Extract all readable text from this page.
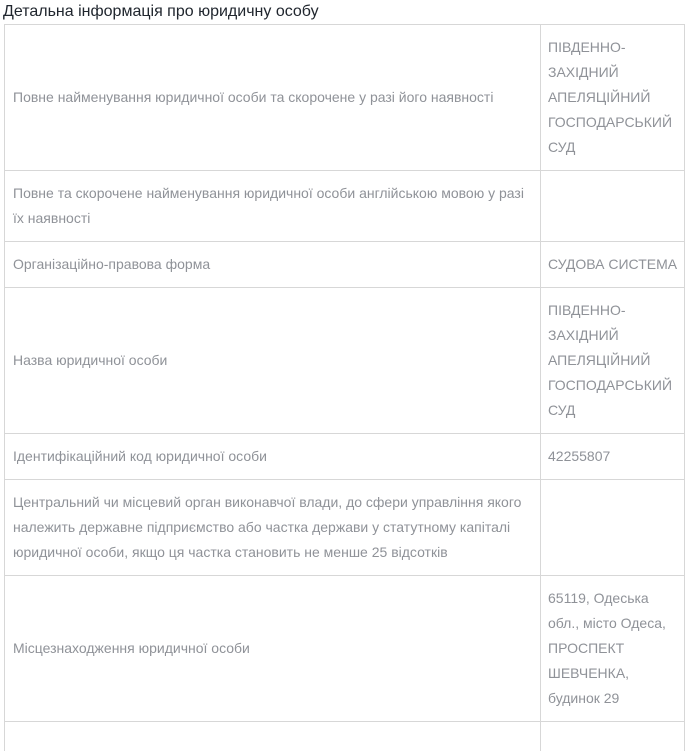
Детальна інформація про юридичну особу
Повне найменування юридичної особи та скорочене у разі його наявності	ПІВДЕННО-ЗАХІДНИЙ АПЕЛЯЦІЙНИЙ ГОСПОДАРСЬКИЙ СУД
Повне та скорочене найменування юридичної особи англійською мовою у разі їх наявності	
Організаційно-правова форма	СУДОВА СИСТЕМА
Назва юридичної особи	ПІВДЕННО-ЗАХІДНИЙ АПЕЛЯЦІЙНИЙ ГОСПОДАРСЬКИЙ СУД
Ідентифікаційний код юридичної особи	42255807
Центральний чи місцевий орган виконавчої влади, до сфери управління якого належить державне підприємство або частка держави у статутному капіталі юридичної особи, якщо ця частка становить не менше 25 відсотків	
Місцезнаходження юридичної особи	65119, Одеська обл., місто Одеса, ПРОСПЕКТ ШЕВЧЕНКА, будинок 29
